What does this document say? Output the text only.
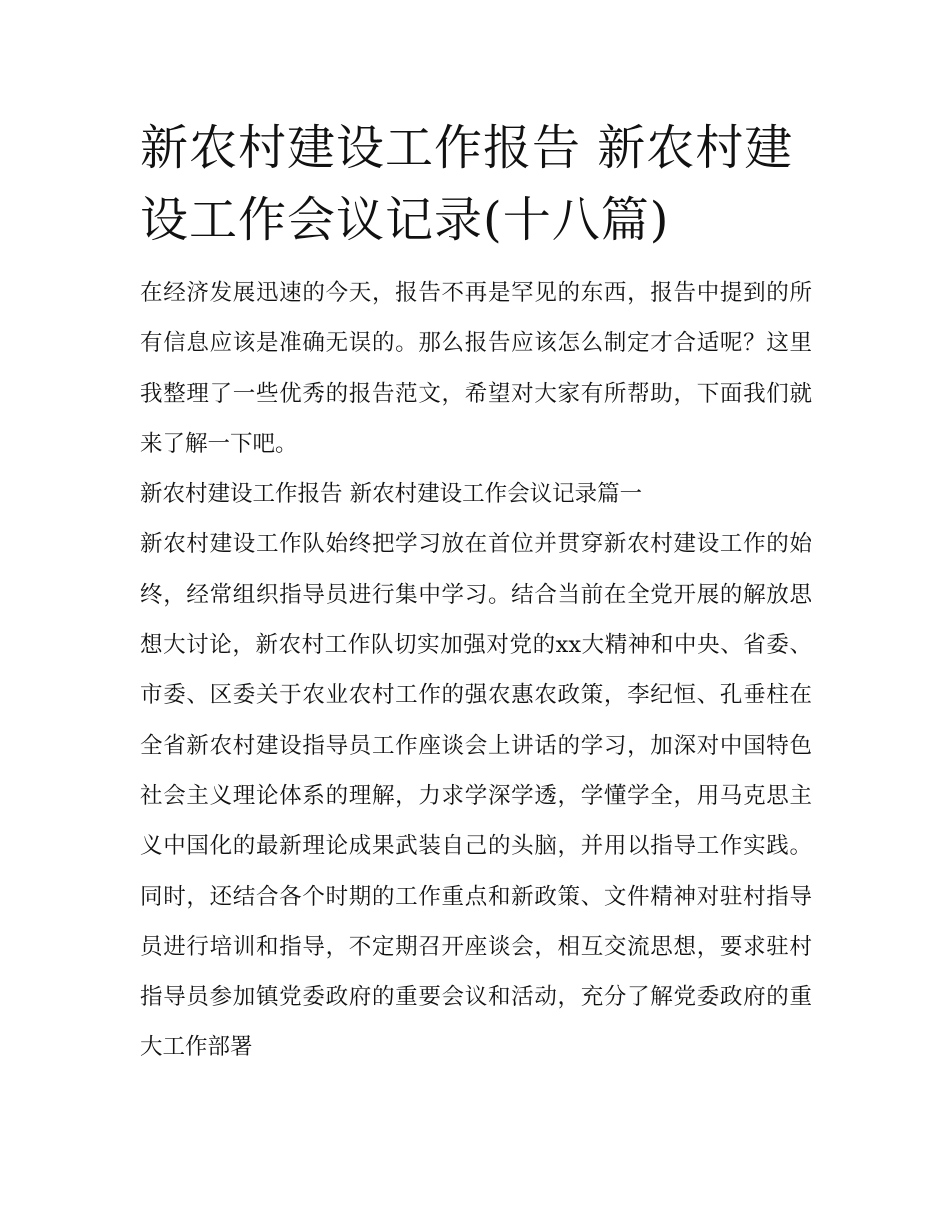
新农村建设工作报告 新农村建设工作会议记录(十八篇)

在经济发展迅速的今天，报告不再是罕见的东西，报告中提到的所有信息应该是准确无误的。那么报告应该怎么制定才合适呢？这里我整理了一些优秀的报告范文，希望对大家有所帮助，下面我们就来了解一下吧。

新农村建设工作报告 新农村建设工作会议记录篇一

新农村建设工作队始终把学习放在首位并贯穿新农村建设工作的始终，经常组织指导员进行集中学习。结合当前在全党开展的解放思想大讨论，新农村工作队切实加强对党的xx大精神和中央、省委、市委、区委关于农业农村工作的强农惠农政策，李纪恒、孔垂柱在全省新农村建设指导员工作座谈会上讲话的学习，加深对中国特色社会主义理论体系的理解，力求学深学透，学懂学全，用马克思主义中国化的最新理论成果武装自己的头脑，并用以指导工作实践。同时，还结合各个时期的工作重点和新政策、文件精神对驻村指导员进行培训和指导，不定期召开座谈会，相互交流思想，要求驻村指导员参加镇党委政府的重要会议和活动，充分了解党委政府的重大工作部署
